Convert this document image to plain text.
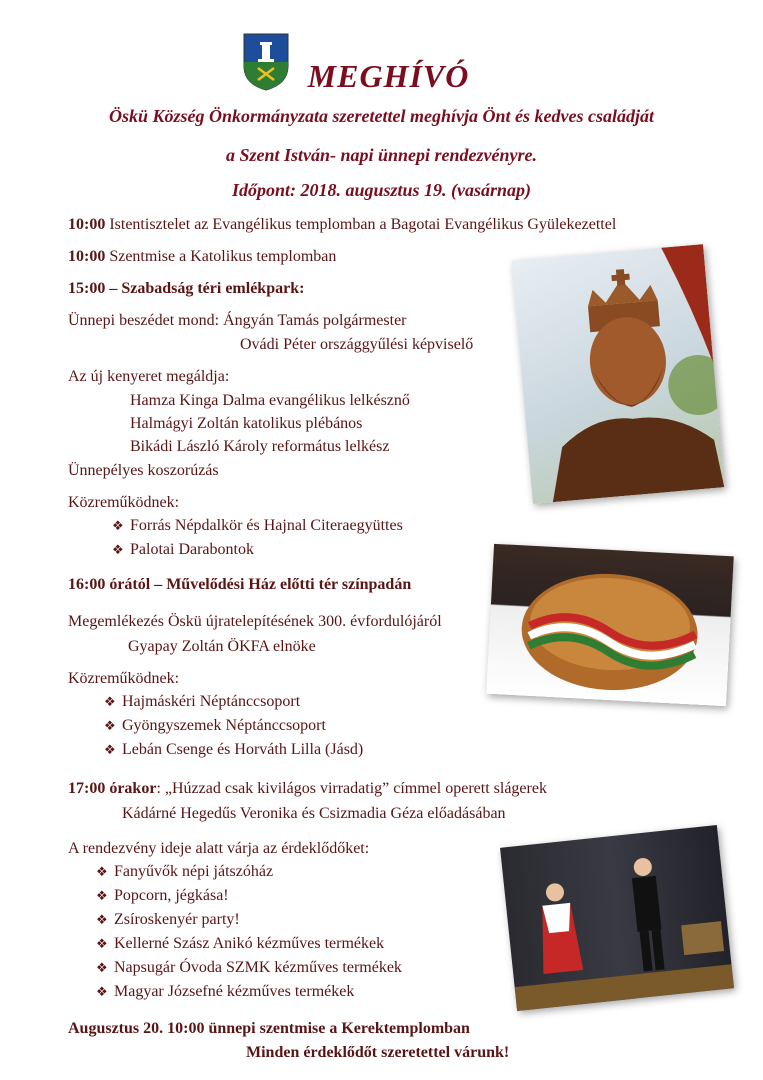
MEGHÍVÓ
Öskü Község Önkormányzata szeretettel meghívja Önt és kedves családját
a Szent István- napi ünnepi rendezvényre.
Időpont: 2018. augusztus 19. (vasárnap)
10:00 Istentisztelet az Evangélikus templomban a Bagotai Evangélikus Gyülekezettel
10:00 Szentmise a Katolikus templomban
15:00 – Szabadság téri emlékpark:
Ünnepi beszédet mond: Ángyán Tamás polgármester
Ovádi Péter országgyűlési képviselő
Az új kenyeret megáldja:
Hamza Kinga Dalma evangélikus lelkésznő
Halmágyi Zoltán katolikus plébános
Bikádi László Károly református lelkész
Ünnepélyes koszorúzás
Közreműködnek:
❖ Forrás Népdalkör és Hajnal Citeraegyüttes
❖ Palotai Darabontok
16:00 órától – Művelődési Ház előtti tér színpadán
Megemlékezés Öskü újratelepítésének 300. évfordulójáról
Gyapay Zoltán ÖKFA elnöke
Közreműködnek:
❖ Hajmáskéri Néptánccsoport
❖ Gyöngyszemek Néptánccsoport
❖ Lebán Csenge és Horváth Lilla (Jásd)
17:00 órakor: „Húzzad csak kivilágos virradatig” címmel operett slágerek
Kádárné Hegedűs Veronika és Csizmadia Géza előadásában
A rendezvény ideje alatt várja az érdeklődőket:
❖ Fanyűvők népi játszóház
❖ Popcorn, jégkása!
❖ Zsíroskenyér party!
❖ Kellerné Szász Anikó kézműves termékek
❖ Napsugár Óvoda SZMK kézműves termékek
❖ Magyar Józsefné kézműves termékek
Augusztus 20. 10:00 ünnepi szentmise a Kerektemplomban
Minden érdeklődőt szeretettel várunk!
